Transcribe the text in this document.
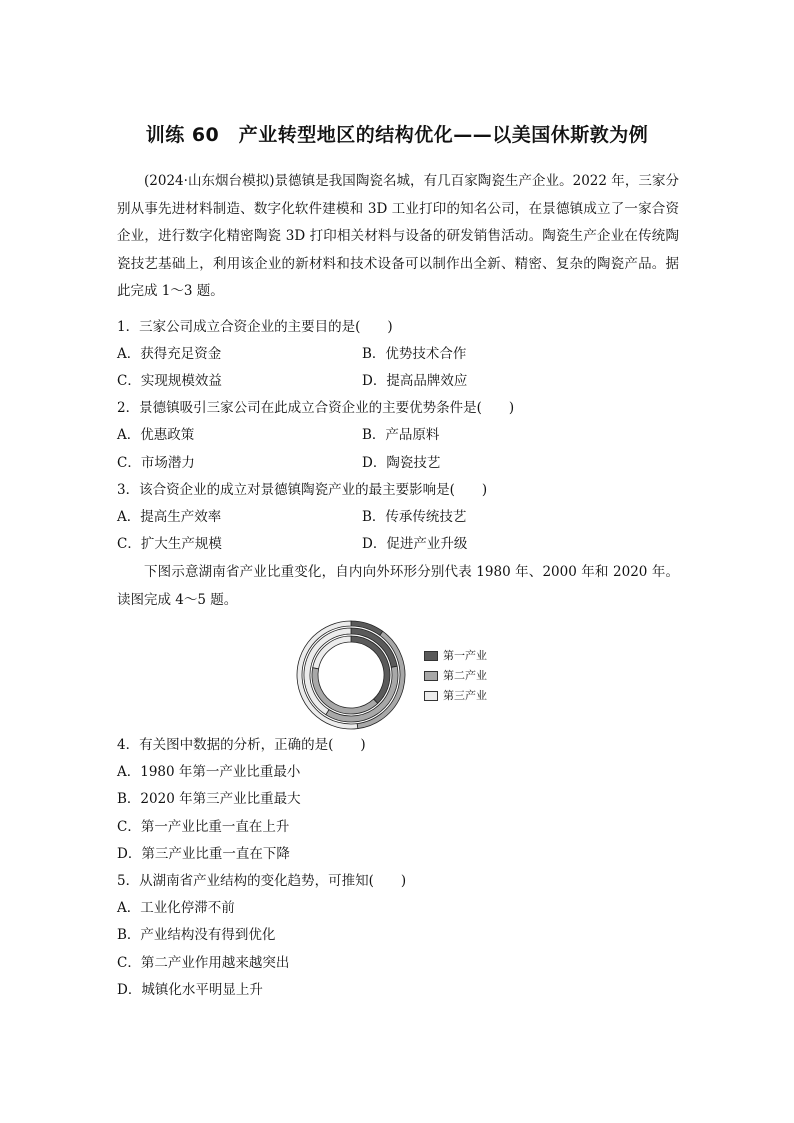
训练 60　产业转型地区的结构优化——以美国休斯敦为例

(2024·山东烟台模拟)景德镇是我国陶瓷名城，有几百家陶瓷生产企业。2022 年，三家分别从事先进材料制造、数字化软件建模和 3D 工业打印的知名公司，在景德镇成立了一家合资企业，进行数字化精密陶瓷 3D 打印相关材料与设备的研发销售活动。陶瓷生产企业在传统陶瓷技艺基础上，利用该企业的新材料和技术设备可以制作出全新、精密、复杂的陶瓷产品。据此完成 1～3 题。

1．三家公司成立合资企业的主要目的是(　　)
A．获得充足资金	B．优势技术合作
C．实现规模效益	D．提高品牌效应
2．景德镇吸引三家公司在此成立合资企业的主要优势条件是(　　)
A．优惠政策	B．产品原料
C．市场潜力	D．陶瓷技艺
3．该合资企业的成立对景德镇陶瓷产业的最主要影响是(　　)
A．提高生产效率	B．传承传统技艺
C．扩大生产规模	D．促进产业升级

下图示意湖南省产业比重变化，自内向外环形分别代表 1980 年、2000 年和 2020 年。读图完成 4～5 题。

第一产业
第二产业
第三产业
4．有关图中数据的分析，正确的是(　　)
A．1980 年第一产业比重最小
B．2020 年第三产业比重最大
C．第一产业比重一直在上升
D．第三产业比重一直在下降
5．从湖南省产业结构的变化趋势，可推知(　　)
A．工业化停滞不前
B．产业结构没有得到优化
C．第二产业作用越来越突出
D．城镇化水平明显上升
